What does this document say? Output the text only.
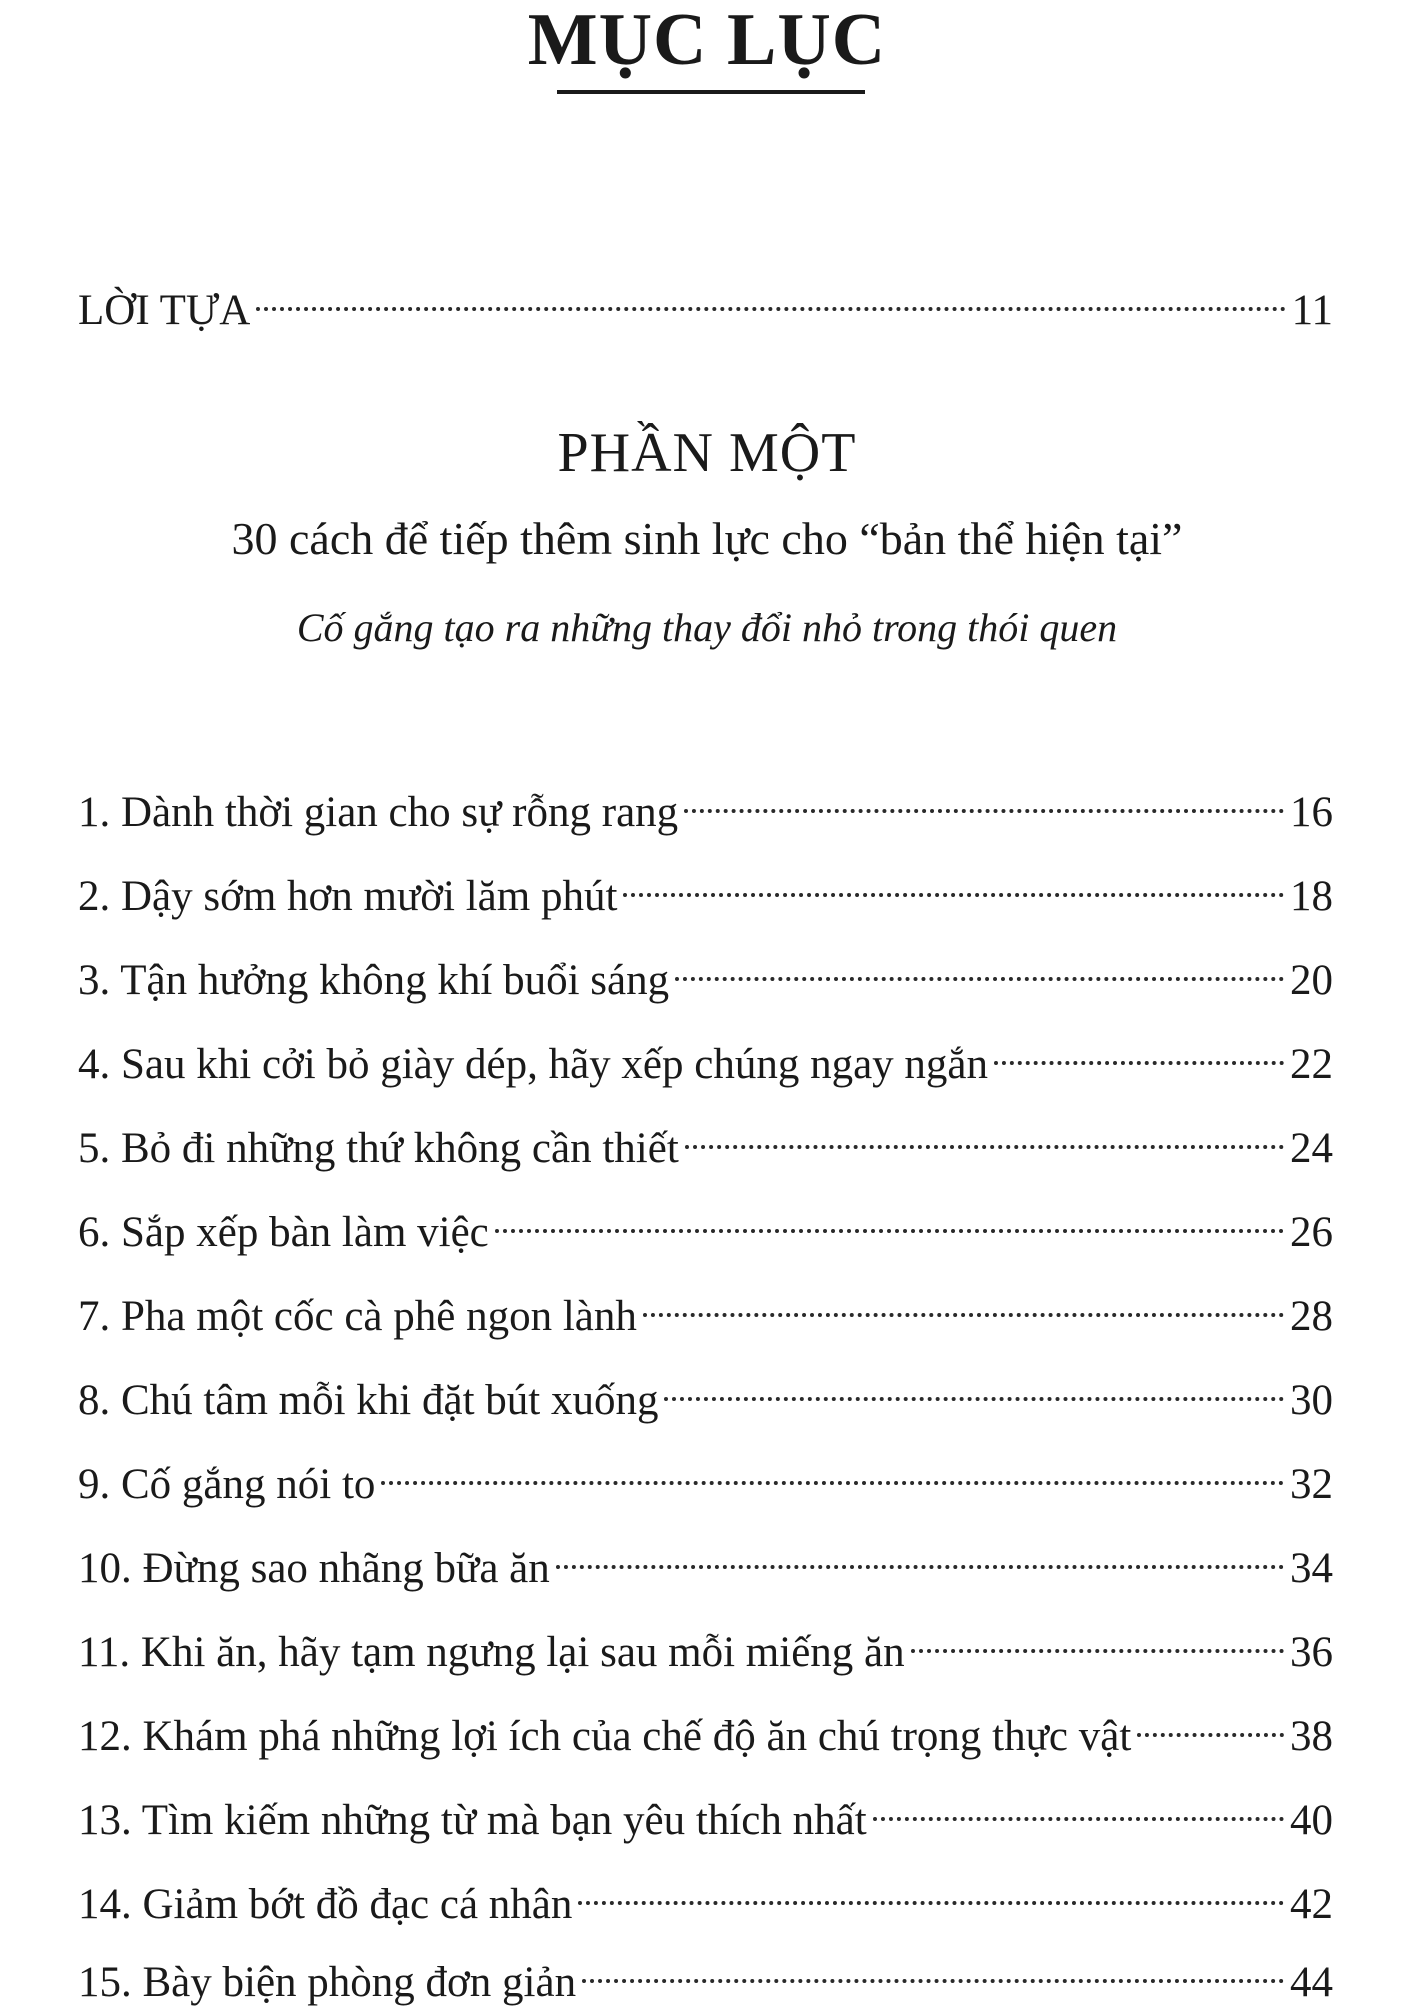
MỤC LỤC
LỜI TỰA	11
PHẦN MỘT
30 cách để tiếp thêm sinh lực cho “bản thể hiện tại”
Cố gắng tạo ra những thay đổi nhỏ trong thói quen
1. Dành thời gian cho sự rỗng rang	16
2. Dậy sớm hơn mười lăm phút	18
3. Tận hưởng không khí buổi sáng	20
4. Sau khi cởi bỏ giày dép, hãy xếp chúng ngay ngắn	22
5. Bỏ đi những thứ không cần thiết	24
6. Sắp xếp bàn làm việc	26
7. Pha một cốc cà phê ngon lành	28
8. Chú tâm mỗi khi đặt bút xuống	30
9. Cố gắng nói to	32
10. Đừng sao nhãng bữa ăn	34
11. Khi ăn, hãy tạm ngưng lại sau mỗi miếng ăn	36
12. Khám phá những lợi ích của chế độ ăn chú trọng thực vật	38
13. Tìm kiếm những từ mà bạn yêu thích nhất	40
14. Giảm bớt đồ đạc cá nhân	42
15. Bày biện phòng đơn giản	44
